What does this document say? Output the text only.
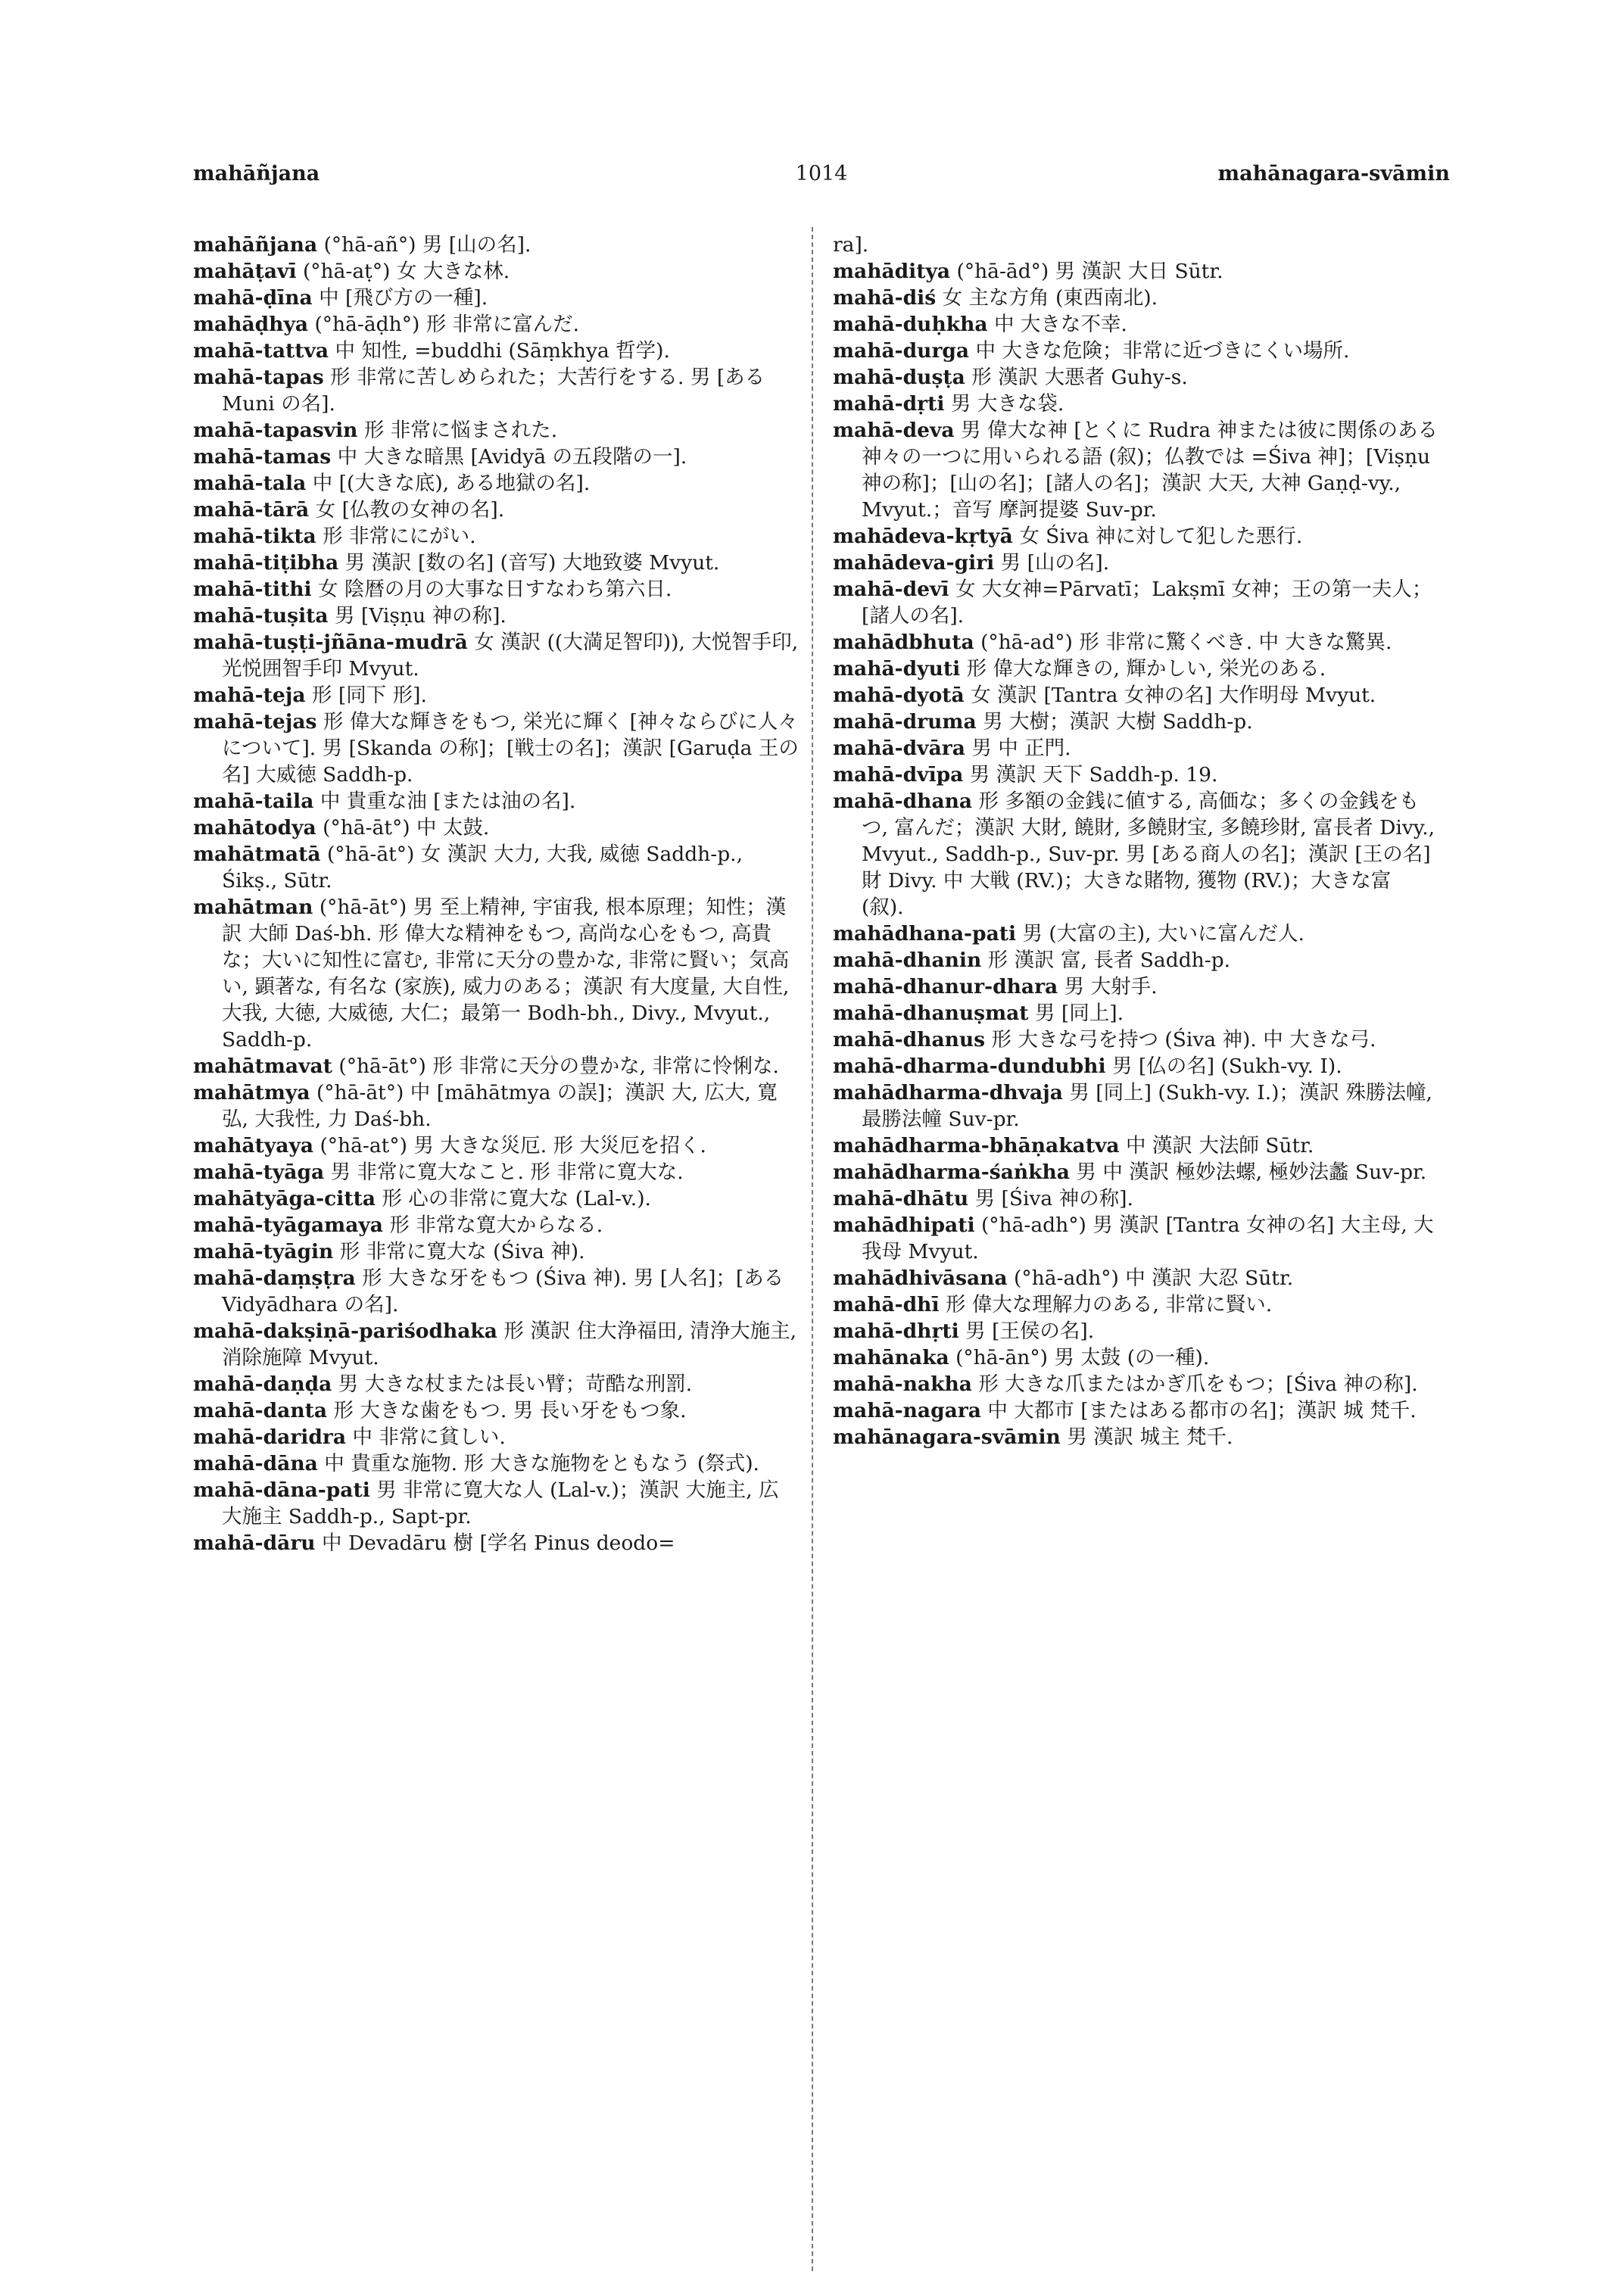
mahāñjana	1014	mahānagara-svāmin

mahāñjana (°hā-añ°) 男 [山の名].

mahāṭavī (°hā-aṭ°) 女 大きな林.

mahā-ḍīna 中 [飛び方の一種].

mahāḍhya (°hā-āḍh°) 形 非常に富んだ.

mahā-tattva 中 知性, =buddhi (Sāṃkhya 哲学).

mahā-tapas 形 非常に苦しめられた；大苦行をする. 男 [ある Muni の名].

mahā-tapasvin 形 非常に悩まされた.

mahā-tamas 中 大きな暗黒 [Avidyā の五段階の一].

mahā-tala 中 [(大きな底), ある地獄の名].

mahā-tārā 女 [仏教の女神の名].

mahā-tikta 形 非常ににがい.

mahā-tiṭibha 男 漢訳 [数の名] (音写) 大地致婆 Mvyut.

mahā-tithi 女 陰暦の月の大事な日すなわち第六日.

mahā-tuṣita 男 [Viṣṇu 神の称].

mahā-tuṣṭi-jñāna-mudrā 女 漢訳 ((大満足智印)), 大悦智手印, 光悦囲智手印 Mvyut.

mahā-teja 形 [同下 形].

mahā-tejas 形 偉大な輝きをもつ, 栄光に輝く [神々ならびに人々について]. 男 [Skanda の称]；[戦士の名]；漢訳 [Garuḍa 王の名] 大威徳 Saddh-p.

mahā-taila 中 貴重な油 [または油の名].

mahātodya (°hā-āt°) 中 太鼓.

mahātmatā (°hā-āt°) 女 漢訳 大力, 大我, 威徳 Saddh-p., Śikṣ., Sūtr.

mahātman (°hā-āt°) 男 至上精神, 宇宙我, 根本原理；知性；漢訳 大師 Daś-bh. 形 偉大な精神をもつ, 高尚な心をもつ, 高貴な；大いに知性に富む, 非常に天分の豊かな, 非常に賢い；気高い, 顕著な, 有名な (家族), 威力のある；漢訳 有大度量, 大自性, 大我, 大徳, 大威徳, 大仁；最第一 Bodh-bh., Divy., Mvyut., Saddh-p.

mahātmavat (°hā-āt°) 形 非常に天分の豊かな, 非常に怜悧な.

mahātmya (°hā-āt°) 中 [māhātmya の誤]；漢訳 大, 広大, 寛弘, 大我性, 力 Daś-bh.

mahātyaya (°hā-at°) 男 大きな災厄. 形 大災厄を招く.

mahā-tyāga 男 非常に寛大なこと. 形 非常に寛大な.

mahātyāga-citta 形 心の非常に寛大な (Lal-v.).

mahā-tyāgamaya 形 非常な寛大からなる.

mahā-tyāgin 形 非常に寛大な (Śiva 神).

mahā-daṃṣṭra 形 大きな牙をもつ (Śiva 神). 男 [人名]；[ある Vidyādhara の名].

mahā-dakṣiṇā-pariśodhaka 形 漢訳 住大浄福田, 清浄大施主, 消除施障 Mvyut.

mahā-daṇḍa 男 大きな杖または長い臂；苛酷な刑罰.

mahā-danta 形 大きな歯をもつ. 男 長い牙をもつ象.

mahā-daridra 中 非常に貧しい.

mahā-dāna 中 貴重な施物. 形 大きな施物をともなう (祭式).

mahā-dāna-pati 男 非常に寛大な人 (Lal-v.)；漢訳 大施主, 広大施主 Saddh-p., Sapt-pr.

mahā-dāru 中 Devadāru 樹 [学名 Pinus deodo=

ra].

mahāditya (°hā-ād°) 男 漢訳 大日 Sūtr.

mahā-diś 女 主な方角 (東西南北).

mahā-duḥkha 中 大きな不幸.

mahā-durga 中 大きな危険；非常に近づきにくい場所.

mahā-duṣṭa 形 漢訳 大悪者 Guhy-s.

mahā-dṛti 男 大きな袋.

mahā-deva 男 偉大な神 [とくに Rudra 神または彼に関係のある神々の一つに用いられる語 (叙)；仏教では =Śiva 神]；[Viṣṇu 神の称]；[山の名]；[諸人の名]；漢訳 大天, 大神 Gaṇḍ-vy., Mvyut.；音写 摩訶提婆 Suv-pr.

mahādeva-kṛtyā 女 Śiva 神に対して犯した悪行.

mahādeva-giri 男 [山の名].

mahā-devī 女 大女神=Pārvatī；Lakṣmī 女神；王の第一夫人；[諸人の名].

mahādbhuta (°hā-ad°) 形 非常に驚くべき. 中 大きな驚異.

mahā-dyuti 形 偉大な輝きの, 輝かしい, 栄光のある.

mahā-dyotā 女 漢訳 [Tantra 女神の名] 大作明母 Mvyut.

mahā-druma 男 大樹；漢訳 大樹 Saddh-p.

mahā-dvāra 男 中 正門.

mahā-dvīpa 男 漢訳 天下 Saddh-p. 19.

mahā-dhana 形 多額の金銭に値する, 高価な；多くの金銭をもつ, 富んだ；漢訳 大財, 饒財, 多饒財宝, 多饒珍財, 富長者 Divy., Mvyut., Saddh-p., Suv-pr. 男 [ある商人の名]；漢訳 [王の名] 財 Divy. 中 大戦 (RV.)；大きな賭物, 獲物 (RV.)；大きな富 (叙).

mahādhana-pati 男 (大富の主), 大いに富んだ人.

mahā-dhanin 形 漢訳 富, 長者 Saddh-p.

mahā-dhanur-dhara 男 大射手.

mahā-dhanuṣmat 男 [同上].

mahā-dhanus 形 大きな弓を持つ (Śiva 神). 中 大きな弓.

mahā-dharma-dundubhi 男 [仏の名] (Sukh-vy. I).

mahādharma-dhvaja 男 [同上] (Sukh-vy. I.)；漢訳 殊勝法幢, 最勝法幢 Suv-pr.

mahādharma-bhāṇakatva 中 漢訳 大法師 Sūtr.

mahādharma-śaṅkha 男 中 漢訳 極妙法螺, 極妙法蠡 Suv-pr.

mahā-dhātu 男 [Śiva 神の称].

mahādhipati (°hā-adh°) 男 漢訳 [Tantra 女神の名] 大主母, 大我母 Mvyut.

mahādhivāsana (°hā-adh°) 中 漢訳 大忍 Sūtr.

mahā-dhī 形 偉大な理解力のある, 非常に賢い.

mahā-dhṛti 男 [王侯の名].

mahānaka (°hā-ān°) 男 太鼓 (の一種).

mahā-nakha 形 大きな爪またはかぎ爪をもつ；[Śiva 神の称].

mahā-nagara 中 大都市 [またはある都市の名]；漢訳 城 梵千.

mahānagara-svāmin 男 漢訳 城主 梵千.
